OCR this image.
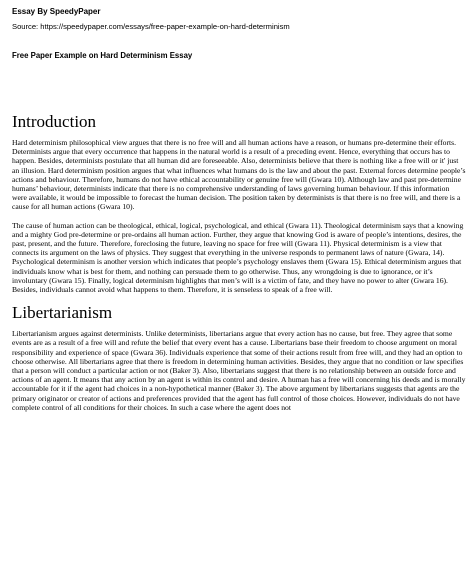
Essay By SpeedyPaper
Source: https://speedypaper.com/essays/free-paper-example-on-hard-determinism
Free Paper Example on Hard Determinism Essay
Introduction

Hard determinism philosophical view argues that there is no free will and all human actions have a reason, or humans pre-determine their efforts. Determinists argue that every occurrence that happens in the natural world is a result of a preceding event. Hence, everything that occurs has to happen. Besides, determinists postulate that all human did are foreseeable. Also, determinists believe that there is nothing like a free will or it' just an illusion. Hard determinism position argues that what influences what humans do is the law and about the past. External forces determine people’s actions and behaviour. Therefore, humans do not have ethical accountability or genuine free will (Gwara 10). Although law and past pre-determine humans’ behaviour, determinists indicate that there is no comprehensive understanding of laws governing human behaviour. If this information were available, it would be impossible to forecast the human decision. The position taken by determinists is that there is no free will, and there is a cause for all human actions (Gwara 10).

The cause of human action can be theological, ethical, logical, psychological, and ethical (Gwara 11). Theological determinism says that a knowing and a mighty God pre-determine or pre-ordains all human action. Further, they argue that knowing God is aware of people’s intentions, desires, the past, present, and the future. Therefore, foreclosing the future, leaving no space for free will (Gwara 11). Physical determinism is a view that connects its argument on the laws of physics. They suggest that everything in the universe responds to permanent laws of nature (Gwara, 14). Psychological determinism is another version which indicates that people’s psychology enslaves them (Gwara 15). Ethical determinism argues that individuals know what is best for them, and nothing can persuade them to go otherwise. Thus, any wrongdoing is due to ignorance, or it’s involuntary (Gwara 15). Finally, logical determinism highlights that men’s will is a victim of fate, and they have no power to alter (Gwara 16). Besides, individuals cannot avoid what happens to them. Therefore, it is senseless to speak of a free will.

Libertarianism

Libertarianism argues against determinists. Unlike determinists, libertarians argue that every action has no cause, but free. They agree that some events are as a result of a free will and refute the belief that every event has a cause. Libertarians base their freedom to choose argument on moral responsibility and experience of space (Gwara 36). Individuals experience that some of their actions result from free will, and they had an option to choose otherwise. All libertarians agree that there is freedom in determining human activities. Besides, they argue that no condition or law specifies that a person will conduct a particular action or not (Baker 3). Also, libertarians suggest that there is no relationship between an outside force and actions of an agent. It means that any action by an agent is within its control and desire. A human has a free will concerning his deeds and is morally accountable for it if the agent had choices in a non-hypothetical manner (Baker 3). The above argument by libertarians suggests that agents are the primary originator or creator of actions and preferences provided that the agent has full control of those choices. However, individuals do not have complete control of all conditions for their choices. In such a case where the agent does not
